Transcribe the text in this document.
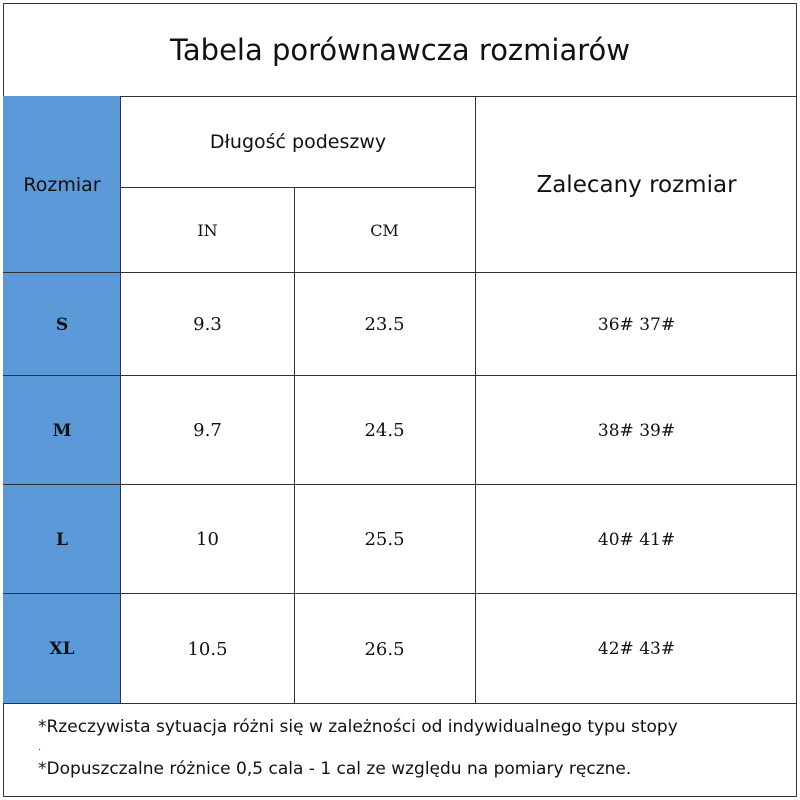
Tabela porównawcza rozmiarów
Rozmiar
Długość podeszwy
IN	CM
Zalecany rozmiar
S	9.3	23.5	36# 37#
M	9.7	24.5	38# 39#
L	10	25.5	40# 41#
XL	10.5	26.5	42# 43#
*Rzeczywista sytuacja różni się w zależności od indywidualnego typu stopy
.
*Dopuszczalne różnice 0,5 cala - 1 cal ze względu na pomiary ręczne.
